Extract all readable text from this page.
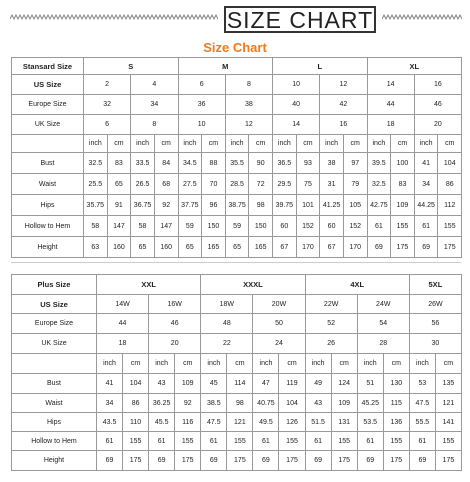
SIZE CHART
Size Chart
Stansard Size	S				M				L				XL			
US Size	2		4		6		8		10		12		14		16	
Europe Size	32		34		36		38		40		42		44		46	
UK Size	6		8		10		12		14		16		18		20	
	inch	cm	inch	cm	inch	cm	inch	cm	inch	cm	inch	cm	inch	cm	inch	cm
Bust	32.5	83	33.5	84	34.5	88	35.5	90	36.5	93	38	97	39.5	100	41	104
Waist	25.5	65	26.5	68	27.5	70	28.5	72	29.5	75	31	79	32.5	83	34	86
Hips	35.75	91	36.75	92	37.75	96	38.75	98	39.75	101	41.25	105	42.75	109	44.25	112
Hollow to Hem	58	147	58	147	59	150	59	150	60	152	60	152	61	155	61	155
Height	63	160	65	160	65	165	65	165	67	170	67	170	69	175	69	175
Plus Size	XXL				XXXL				4XL				5XL	
US Size	14W		16W		18W		20W		22W		24W		26W	
Europe Size	44		46		48		50		52		54		56	
UK Size	18		20		22		24		26		28		30	
	inch	cm	inch	cm	inch	cm	inch	cm	inch	cm	inch	cm	inch	cm
Bust	41	104	43	109	45	114	47	119	49	124	51	130	53	135
Waist	34	86	36.25	92	38.5	98	40.75	104	43	109	45.25	115	47.5	121
Hips	43.5	110	45.5	116	47.5	121	49.5	126	51.5	131	53.5	136	55.5	141
Hollow to Hem	61	155	61	155	61	155	61	155	61	155	61	155	61	155
Height	69	175	69	175	69	175	69	175	69	175	69	175	69	175
